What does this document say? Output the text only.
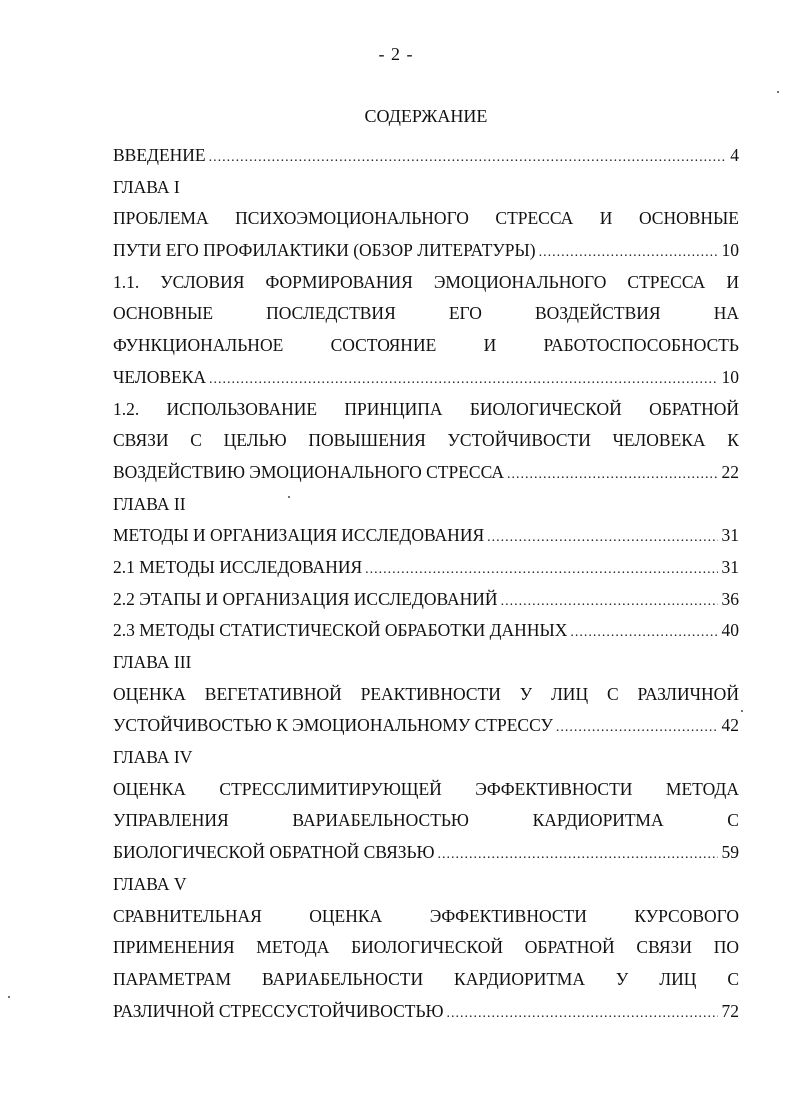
- 2 -
СОДЕРЖАНИЕ
ВВЕДЕНИЕ .....	4
ГЛАВА I
ПРОБЛЕМА ПСИХОЭМОЦИОНАЛЬНОГО СТРЕССА И ОСНОВНЫЕ
ПУТИ ЕГО ПРОФИЛАКТИКИ (ОБЗОР ЛИТЕРАТУРЫ) .....	10
1.1. УСЛОВИЯ ФОРМИРОВАНИЯ ЭМОЦИОНАЛЬНОГО СТРЕССА И
ОСНОВНЫЕ	ПОСЛЕДСТВИЯ	ЕГО	ВОЗДЕЙСТВИЯ	НА
ФУНКЦИОНАЛЬНОЕ	СОСТОЯНИЕ	И	РАБОТОСПОСОБНОСТЬ
ЧЕЛОВЕКА .....	10
1.2. ИСПОЛЬЗОВАНИЕ ПРИНЦИПА БИОЛОГИЧЕСКОЙ ОБРАТНОЙ
СВЯЗИ С ЦЕЛЬЮ ПОВЫШЕНИЯ УСТОЙЧИВОСТИ ЧЕЛОВЕКА К
ВОЗДЕЙСТВИЮ ЭМОЦИОНАЛЬНОГО СТРЕССА .....	22
ГЛАВА II
МЕТОДЫ И ОРГАНИЗАЦИЯ ИССЛЕДОВАНИЯ .....	31
2.1 МЕТОДЫ ИССЛЕДОВАНИЯ .....	31
2.2 ЭТАПЫ И ОРГАНИЗАЦИЯ ИССЛЕДОВАНИЙ .....	36
2.3 МЕТОДЫ СТАТИСТИЧЕСКОЙ ОБРАБОТКИ ДАННЫХ .....	40
ГЛАВА III
ОЦЕНКА ВЕГЕТАТИВНОЙ РЕАКТИВНОСТИ У ЛИЦ С РАЗЛИЧНОЙ
УСТОЙЧИВОСТЬЮ К ЭМОЦИОНАЛЬНОМУ СТРЕССУ .....	42
ГЛАВА IV
ОЦЕНКА СТРЕССЛИМИТИРУЮЩЕЙ ЭФФЕКТИВНОСТИ МЕТОДА
УПРАВЛЕНИЯ	ВАРИАБЕЛЬНОСТЬЮ	КАРДИОРИТМА	С
БИОЛОГИЧЕСКОЙ ОБРАТНОЙ СВЯЗЬЮ .....	59
ГЛАВА V
СРАВНИТЕЛЬНАЯ	ОЦЕНКА	ЭФФЕКТИВНОСТИ	КУРСОВОГО
ПРИМЕНЕНИЯ МЕТОДА БИОЛОГИЧЕСКОЙ ОБРАТНОЙ СВЯЗИ ПО
ПАРАМЕТРАМ ВАРИАБЕЛЬНОСТИ КАРДИОРИТМА У ЛИЦ С
РАЗЛИЧНОЙ СТРЕССУСТОЙЧИВОСТЬЮ .....	72
